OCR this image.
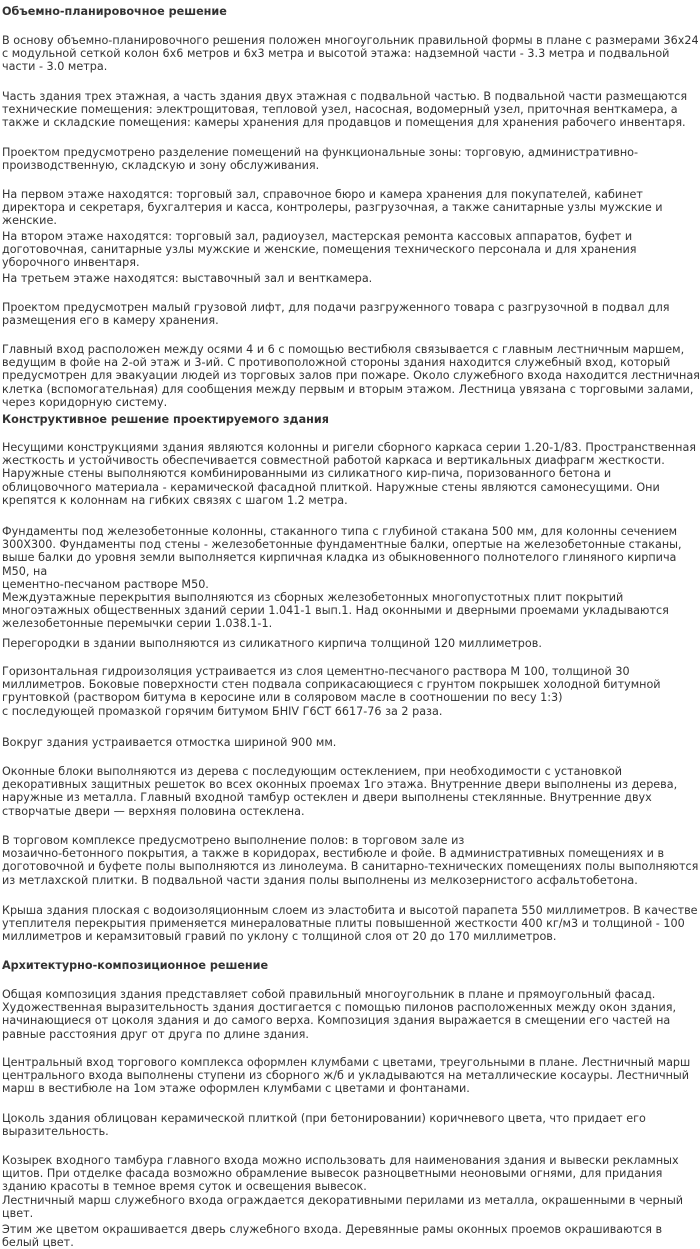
Объемно-планировочное решение
В основу объемно-планировочного решения положен многоугольник правильной формы в плане с размерами 36х24 с модульной сеткой колон 6х6 метров и 6х3 метра и высотой этажа: надземной части - 3.3 метра и подвальной части - 3.0 метра.
Часть здания трех этажная, а часть здания двух этажная с подвальной частью. В подвальной части размещаются технические помещения: электрощитовая, тепловой узел, насосная, водомерный узел, приточная венткамера, а также и складские помещения: камеры хранения для продавцов и помещения для хранения рабочего инвентаря.
Проектом предусмотрено разделение помещений на функциональные зоны: торговую, административно-производственную, складскую и зону обслуживания.
На первом этаже находятся: торговый зал, справочное бюро и камера хранения для покупателей, кабинет директора и секретаря, бухгалтерия и касса, контролеры, разгрузочная, а также санитарные узлы мужские и женские.
На втором этаже находятся: торговый зал, радиоузел, мастерская ремонта кассовых аппаратов, буфет и доготовочная, санитарные узлы мужские и женские, помещения технического персонала и для хранения уборочного инвентаря.
На третьем этаже находятся: выставочный зал и венткамера.
Проектом предусмотрен малый грузовой лифт, для подачи разгруженного товара с разгрузочной в подвал для размещения его в камеру хранения.
Главный вход расположен между осями 4 и 6 с помощью вестибюля связывается с главным лестничным маршем, ведущим в фойе на 2-ой этаж и 3-ий. С противоположной стороны здания находится служебный вход, который предусмотрен для эвакуации людей из торговых залов при пожаре. Около служебного входа находится лестничная клетка (вспомогательная) для сообщения между первым и вторым этажом. Лестница увязана с торговыми залами, через коридорную систему.
Конструктивное решение проектируемого здания
Несущими конструкциями здания являются колонны и ригели сборного каркаса серии 1.20-1/83. Пространственная жесткость и устойчивость обеспечивается совместной работой каркаса и вертикальных диафрагм жесткости.
Наружные стены выполняются комбинированными из силикатного кир-пича, поризованного бетона и облицовочного материала - керамической фасадной плиткой. Наружные стены являются самонесущими. Они крепятся к колоннам на гибких связях с шагом 1.2 метра.
Фундаменты под железобетонные колонны, стаканного типа с глубиной стакана 500 мм, для колонны сечением 300Х300. Фундаменты под стены - железобетонные фундаментные балки, опертые на железобетонные стаканы, выше балки до уровня земли выполняется кирпичная кладка из обыкновенного полнотелого глиняного кирпича М50, на
цементно-песчаном растворе М50.
Междуэтажные перекрытия выполняются из сборных железобетонных многопустотных плит покрытий многоэтажных общественных зданий серии 1.041-1 вып.1. Над оконными и дверными проемами укладываются железобетонные перемычки серии 1.038.1-1.
Перегородки в здании выполняются из силикатного кирпича толщиной 120 миллиметров.
Горизонтальная гидроизоляция устраивается из слоя цементно-песчаного раствора М 100, толщиной 30 миллиметров. Боковые поверхности стен подвала соприкасающиеся с грунтом покрышек холодной битумной грунтовкой (раствором битума в керосине или в соляровом масле в соотношении по весу 1:3)
с последующей промазкой горячим битумом БНIV Г6СТ 6617-76 за 2 раза.
Вокруг здания устраивается отмостка шириной 900 мм.
Оконные блоки выполняются из дерева с последующим остеклением, при необходимости с установкой декоративных защитных решеток во всех оконных проемах 1го этажа. Внутренние двери выполнены из дерева, наружные из металла. Главный входной тамбур остеклен и двери выполнены стеклянные. Внутренние двух створчатые двери — верхняя половина остеклена.
В торговом комплексе предусмотрено выполнение полов: в торговом зале из
мозаично-бетонного покрытия, а также в коридорах, вестибюле и фойе. В административных помещениях и в доготовочной и буфете полы выполняются из линолеума. В санитарно-технических помещениях полы выполняются из метлахской плитки. В подвальной части здания полы выполнены из мелкозернистого асфальтобетона.
Крыша здания плоская с водоизоляционным слоем из эластобита и высотой парапета 550 миллиметров. В качестве утеплителя перекрытия применяется минераловатные плиты повышенной жесткости 400 кг/м3 и толщиной - 100 миллиметров и керамзитовый гравий по уклону с толщиной слоя от 20 до 170 миллиметров.
Архитектурно-композиционное решение
Общая композиция здания представляет собой правильный многоугольник в плане и прямоугольный фасад. Художественная выразительность здания достигается с помощью пилонов расположенных между окон здания, начинающиеся от цоколя здания и до самого верха. Композиция здания выражается в смещении его частей на равные расстояния друг от друга по длине здания.
Центральный вход торгового комплекса оформлен клумбами с цветами, треугольными в плане. Лестничный марш центрального входа выполнены ступени из сборного ж/б и укладываются на металлические косауры. Лестничный марш в вестибюле на 1ом этаже оформлен клумбами с цветами и фонтанами.
Цоколь здания облицован керамической плиткой (при бетонировании) коричневого цвета, что придает его выразительность.
Козырек входного тамбура главного входа можно использовать для наименования здания и вывески рекламных щитов. При отделке фасада возможно обрамление вывесок разноцветными неоновыми огнями, для придания зданию красоты в темное время суток и освещения вывесок.
Лестничный марш служебного входа ограждается декоративными перилами из металла, окрашенными в черный цвет.
Этим же цветом окрашивается дверь служебного входа. Деревянные рамы оконных проемов окрашиваются в белый цвет.
